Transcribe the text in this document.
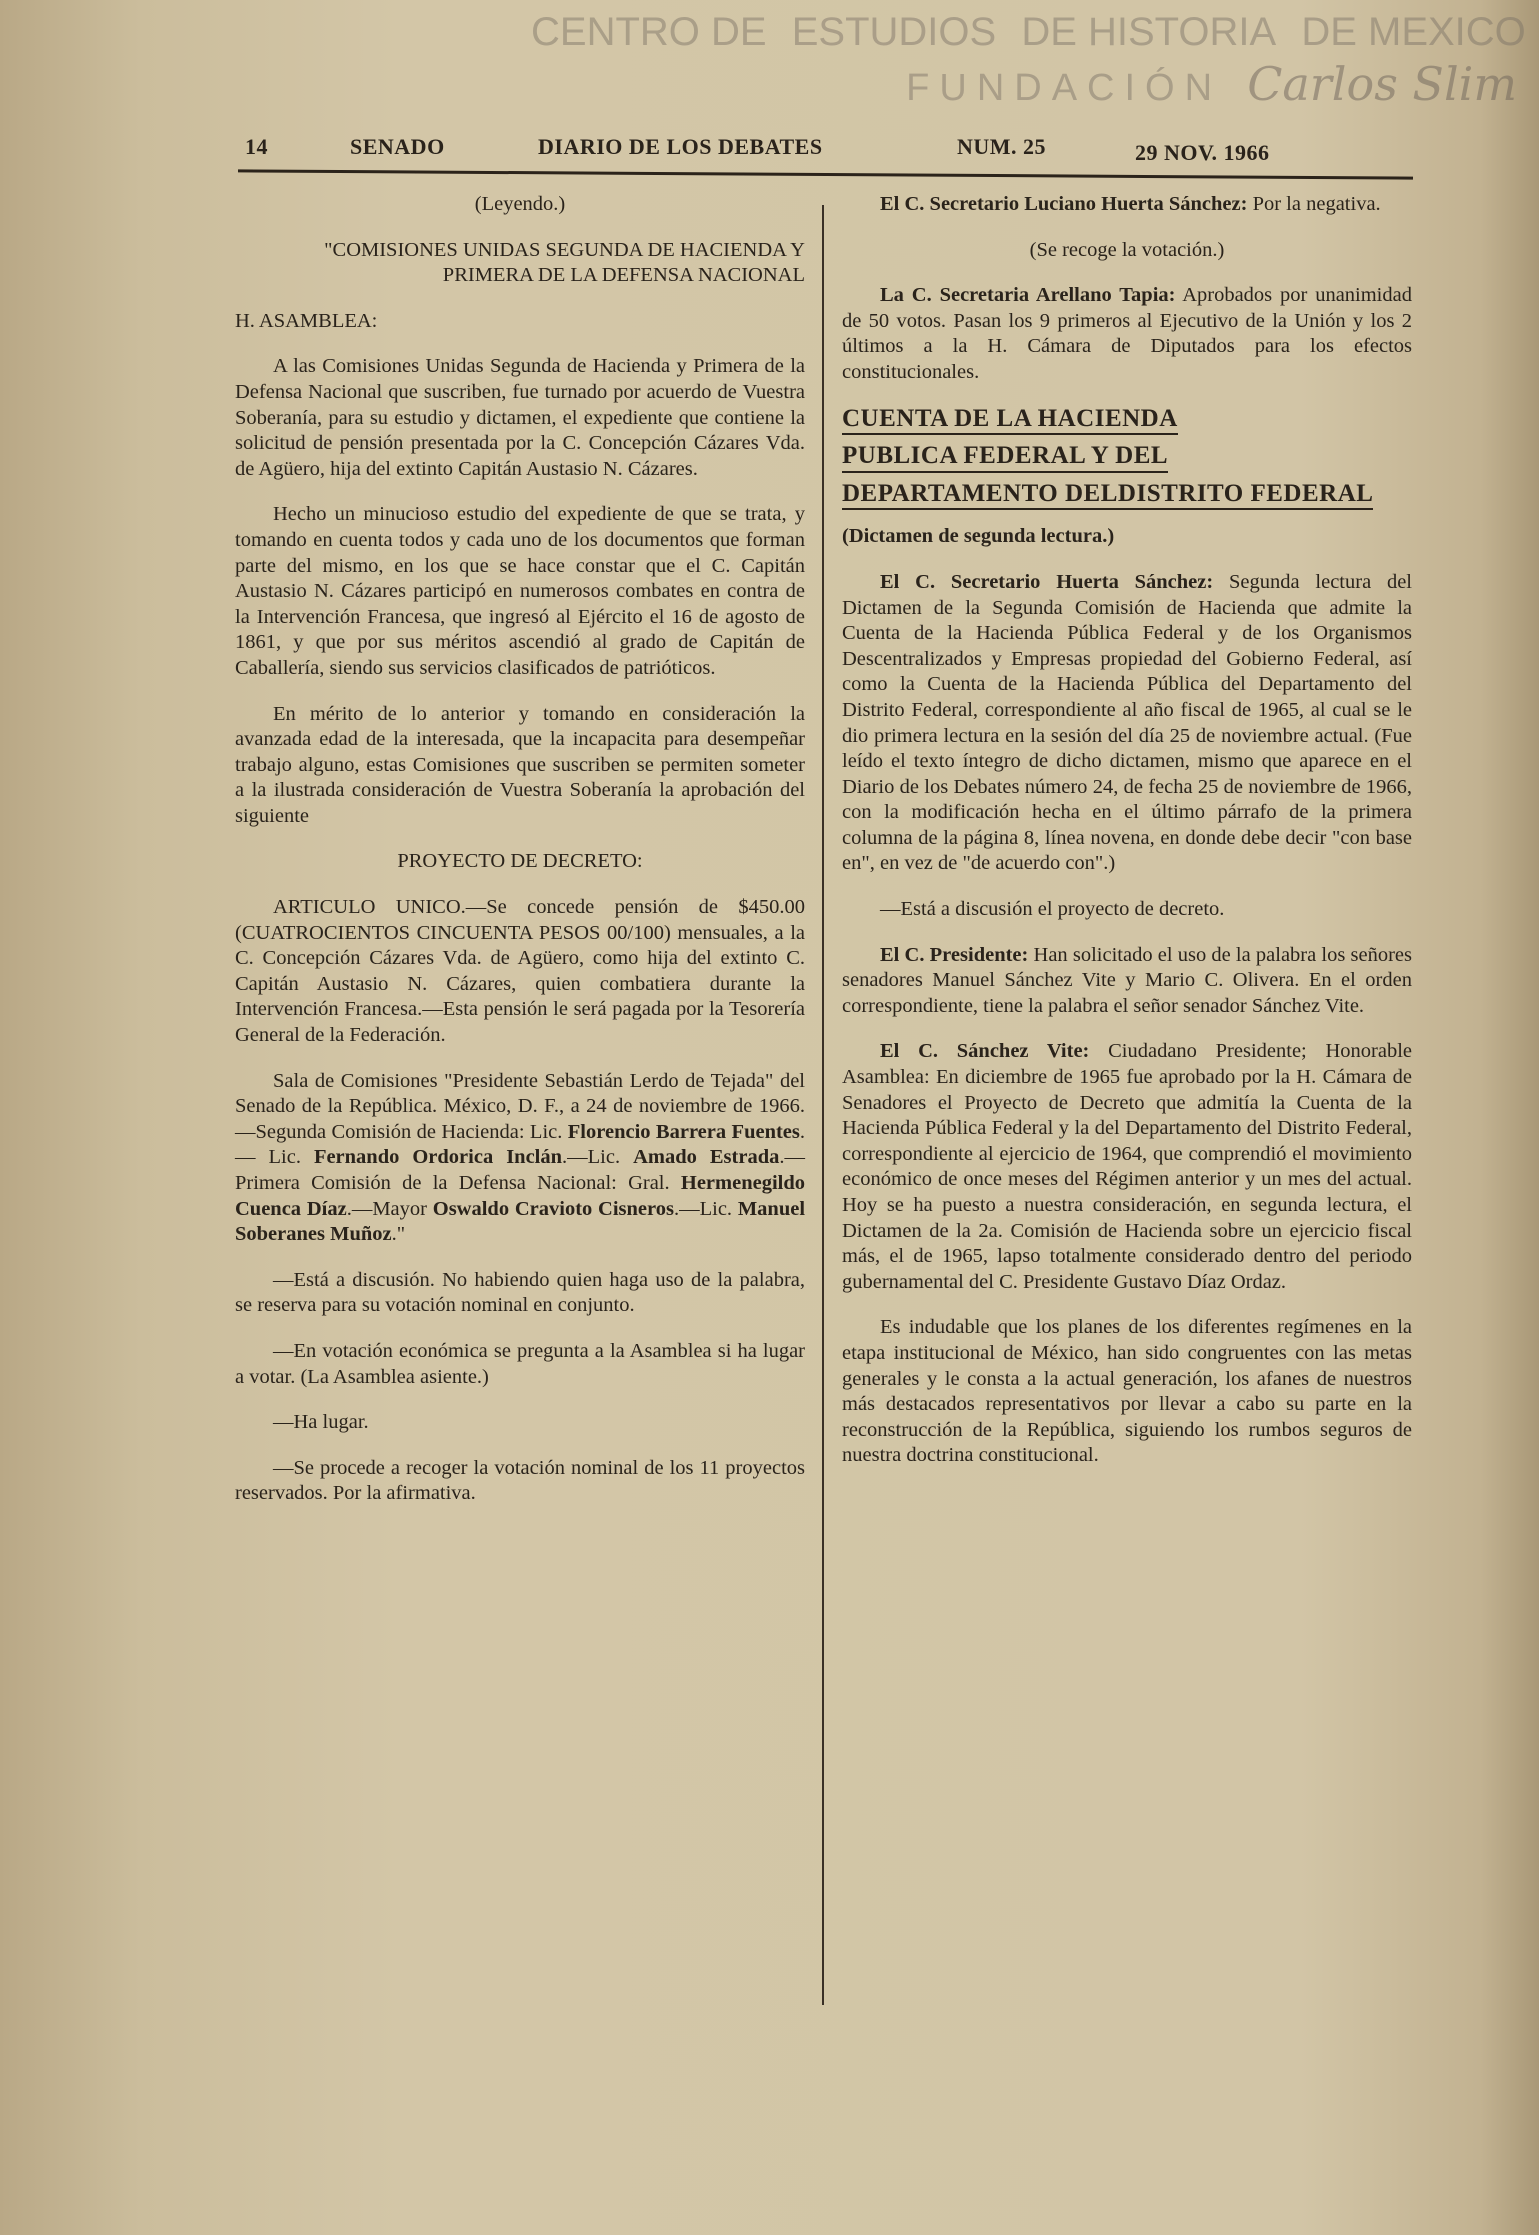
CENTRO DE ESTUDIOS DE HISTORIA DE MEXICO
FUNDACIÓN Carlos Slim
14	SENADO	DIARIO DE LOS DEBATES	NUM. 25	29 NOV. 1966

(Leyendo.)

"COMISIONES UNIDAS SEGUNDA DE HACIENDA Y PRIMERA DE LA DEFENSA NACIONAL

H. ASAMBLEA:

A las Comisiones Unidas Segunda de Hacienda y Primera de la Defensa Nacional que suscriben, fue turnado por acuerdo de Vuestra Soberanía, para su estudio y dictamen, el expediente que contiene la solicitud de pensión presentada por la C. Concepción Cázares Vda. de Agüero, hija del extinto Capitán Austasio N. Cázares.

Hecho un minucioso estudio del expediente de que se trata, y tomando en cuenta todos y cada uno de los documentos que forman parte del mismo, en los que se hace constar que el C. Capitán Austasio N. Cázares participó en numerosos combates en contra de la Intervención Francesa, que ingresó al Ejército el 16 de agosto de 1861, y que por sus méritos ascendió al grado de Capitán de Caballería, siendo sus servicios clasificados de patrióticos.

En mérito de lo anterior y tomando en consideración la avanzada edad de la interesada, que la incapacita para desempeñar trabajo alguno, estas Comisiones que suscriben se permiten someter a la ilustrada consideración de Vuestra Soberanía la aprobación del siguiente

PROYECTO DE DECRETO:

ARTICULO UNICO.—Se concede pensión de $450.00 (CUATROCIENTOS CINCUENTA PESOS 00/100) mensuales, a la C. Concepción Cázares Vda. de Agüero, como hija del extinto C. Capitán Austasio N. Cázares, quien combatiera durante la Intervención Francesa.—Esta pensión le será pagada por la Tesorería General de la Federación.

Sala de Comisiones "Presidente Sebastián Lerdo de Tejada" del Senado de la República. México, D. F., a 24 de noviembre de 1966.—Segunda Comisión de Hacienda: Lic. Florencio Barrera Fuentes.— Lic. Fernando Ordorica Inclán.—Lic. Amado Estrada.—Primera Comisión de la Defensa Nacional: Gral. Hermenegildo Cuenca Díaz.—Mayor Oswaldo Cravioto Cisneros.—Lic. Manuel Soberanes Muñoz."

—Está a discusión. No habiendo quien haga uso de la palabra, se reserva para su votación nominal en conjunto.

—En votación económica se pregunta a la Asamblea si ha lugar a votar. (La Asamblea asiente.)

—Ha lugar.

—Se procede a recoger la votación nominal de los 11 proyectos reservados. Por la afirmativa.

El C. Secretario Luciano Huerta Sánchez: Por la negativa.

(Se recoge la votación.)

La C. Secretaria Arellano Tapia: Aprobados por unanimidad de 50 votos. Pasan los 9 primeros al Ejecutivo de la Unión y los 2 últimos a la H. Cámara de Diputados para los efectos constitucionales.

CUENTA DE LA HACIENDAPUBLICA FEDERAL Y DELDEPARTAMENTO DELDISTRITO FEDERAL

(Dictamen de segunda lectura.)

El C. Secretario Huerta Sánchez: Segunda lectura del Dictamen de la Segunda Comisión de Hacienda que admite la Cuenta de la Hacienda Pública Federal y de los Organismos Descentralizados y Empresas propiedad del Gobierno Federal, así como la Cuenta de la Hacienda Pública del Departamento del Distrito Federal, correspondiente al año fiscal de 1965, al cual se le dio primera lectura en la sesión del día 25 de noviembre actual. (Fue leído el texto íntegro de dicho dictamen, mismo que aparece en el Diario de los Debates número 24, de fecha 25 de noviembre de 1966, con la modificación hecha en el último párrafo de la primera columna de la página 8, línea novena, en donde debe decir "con base en", en vez de "de acuerdo con".)

—Está a discusión el proyecto de decreto.

El C. Presidente: Han solicitado el uso de la palabra los señores senadores Manuel Sánchez Vite y Mario C. Olivera. En el orden correspondiente, tiene la palabra el señor senador Sánchez Vite.

El C. Sánchez Vite: Ciudadano Presidente; Honorable Asamblea: En diciembre de 1965 fue aprobado por la H. Cámara de Senadores el Proyecto de Decreto que admitía la Cuenta de la Hacienda Pública Federal y la del Departamento del Distrito Federal, correspondiente al ejercicio de 1964, que comprendió el movimiento económico de once meses del Régimen anterior y un mes del actual. Hoy se ha puesto a nuestra consideración, en segunda lectura, el Dictamen de la 2a. Comisión de Hacienda sobre un ejercicio fiscal más, el de 1965, lapso totalmente considerado dentro del periodo gubernamental del C. Presidente Gustavo Díaz Ordaz.

Es indudable que los planes de los diferentes regímenes en la etapa institucional de México, han sido congruentes con las metas generales y le consta a la actual generación, los afanes de nuestros más destacados representativos por llevar a cabo su parte en la reconstrucción de la República, siguiendo los rumbos seguros de nuestra doctrina constitucional.
